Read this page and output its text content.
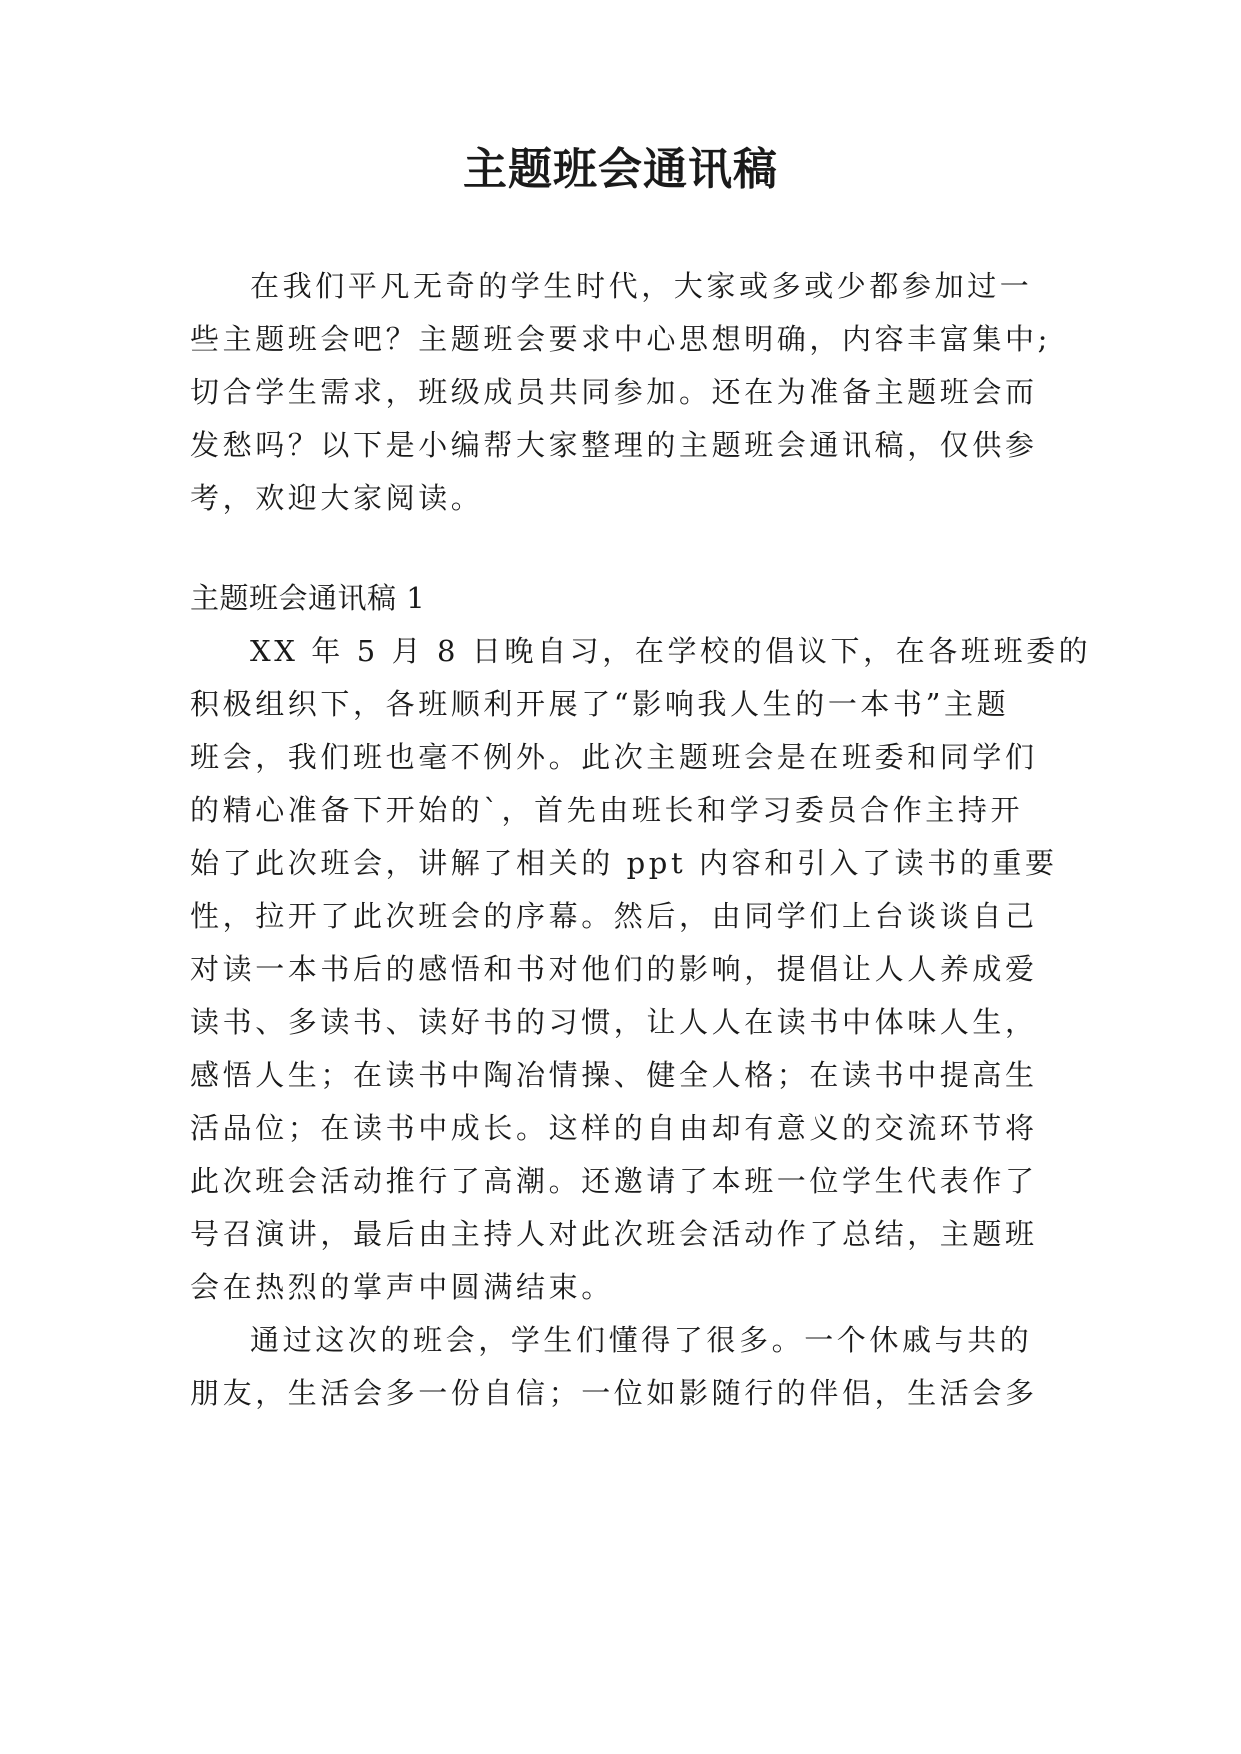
主题班会通讯稿
在我们平凡无奇的学生时代，大家或多或少都参加过一
些主题班会吧？主题班会要求中心思想明确，内容丰富集中;
切合学生需求，班级成员共同参加。还在为准备主题班会而
发愁吗？以下是小编帮大家整理的主题班会通讯稿，仅供参
考，欢迎大家阅读。
主题班会通讯稿 1
XX 年 5 月 8 日晚自习，在学校的倡议下，在各班班委的
积极组织下，各班顺利开展了“影响我人生的一本书”主题
班会，我们班也毫不例外。此次主题班会是在班委和同学们
的精心准备下开始的`，首先由班长和学习委员合作主持开
始了此次班会，讲解了相关的 ppt 内容和引入了读书的重要
性，拉开了此次班会的序幕。然后，由同学们上台谈谈自己
对读一本书后的感悟和书对他们的影响，提倡让人人养成爱
读书、多读书、读好书的习惯，让人人在读书中体味人生，
感悟人生；在读书中陶冶情操、健全人格；在读书中提高生
活品位；在读书中成长。这样的自由却有意义的交流环节将
此次班会活动推行了高潮。还邀请了本班一位学生代表作了
号召演讲，最后由主持人对此次班会活动作了总结，主题班
会在热烈的掌声中圆满结束。
通过这次的班会，学生们懂得了很多。一个休戚与共的
朋友，生活会多一份自信；一位如影随行的伴侣，生活会多
